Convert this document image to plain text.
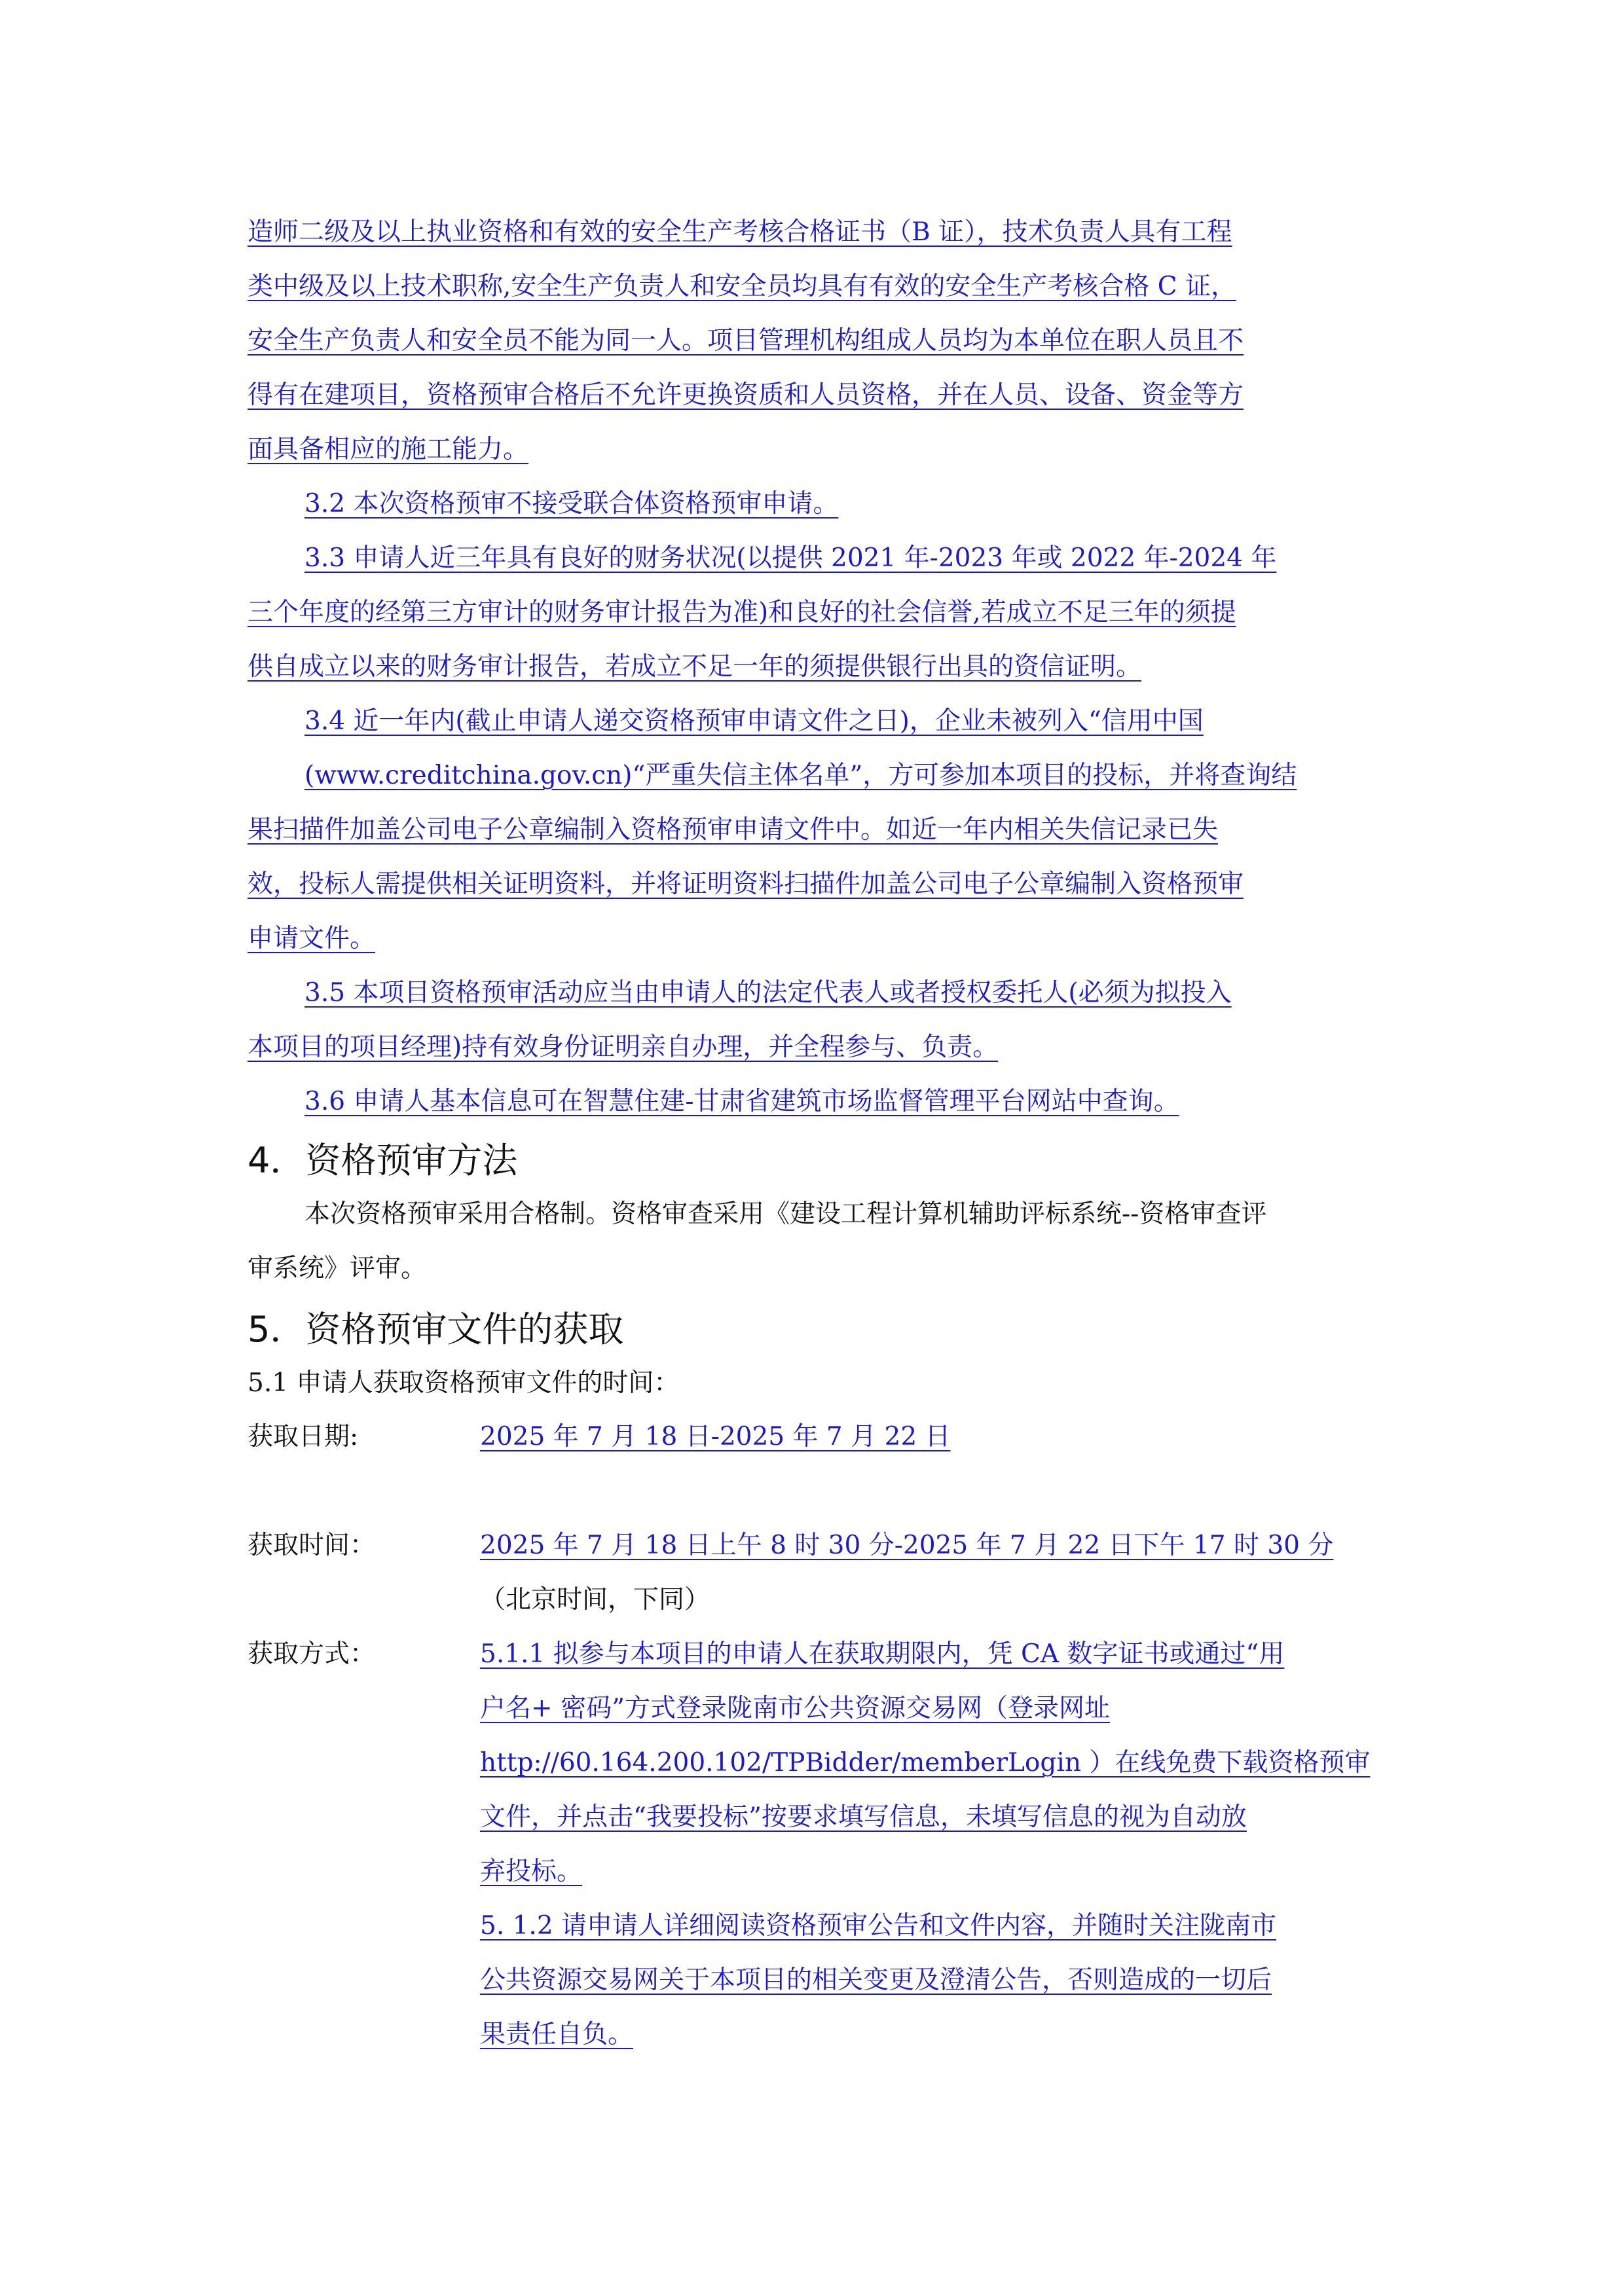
造师二级及以上执业资格和有效的安全生产考核合格证书（B 证），技术负责人具有工程
类中级及以上技术职称,安全生产负责人和安全员均具有有效的安全生产考核合格 C 证，
安全生产负责人和安全员不能为同一人。项目管理机构组成人员均为本单位在职人员且不
得有在建项目，资格预审合格后不允许更换资质和人员资格，并在人员、设备、资金等方
面具备相应的施工能力。
3.2 本次资格预审不接受联合体资格预审申请。
3.3 申请人近三年具有良好的财务状况(以提供 2021 年-2023 年或 2022 年-2024 年
三个年度的经第三方审计的财务审计报告为准)和良好的社会信誉,若成立不足三年的须提
供自成立以来的财务审计报告，若成立不足一年的须提供银行出具的资信证明。
3.4 近一年内(截止申请人递交资格预审申请文件之日)，企业未被列入“信用中国
(www.creditchina.gov.cn)“严重失信主体名单”，方可参加本项目的投标，并将查询结
果扫描件加盖公司电子公章编制入资格预审申请文件中。如近一年内相关失信记录已失
效，投标人需提供相关证明资料，并将证明资料扫描件加盖公司电子公章编制入资格预审
申请文件。
3.5 本项目资格预审活动应当由申请人的法定代表人或者授权委托人(必须为拟投入
本项目的项目经理)持有效身份证明亲自办理，并全程参与、负责。
3.6 申请人基本信息可在智慧住建-甘肃省建筑市场监督管理平台网站中查询。
4．资格预审方法
本次资格预审采用合格制。资格审查采用《建设工程计算机辅助评标系统--资格审查评
审系统》评审。
5．资格预审文件的获取
5.1 申请人获取资格预审文件的时间：
获取日期:	2025 年 7 月 18 日-2025 年 7 月 22 日
获取时间：	2025 年 7 月 18 日上午 8 时 30 分-2025 年 7 月 22 日下午 17 时 30 分
（北京时间，下同）
获取方式：	5.1.1 拟参与本项目的申请人在获取期限内，凭 CA 数字证书或通过“用
户名+ 密码”方式登录陇南市公共资源交易网（登录网址
http://60.164.200.102/TPBidder/memberLogin ）在线免费下载资格预审
文件，并点击“我要投标”按要求填写信息，未填写信息的视为自动放
弃投标。
5. 1.2 请申请人详细阅读资格预审公告和文件内容，并随时关注陇南市
公共资源交易网关于本项目的相关变更及澄清公告，否则造成的一切后
果责任自负。
